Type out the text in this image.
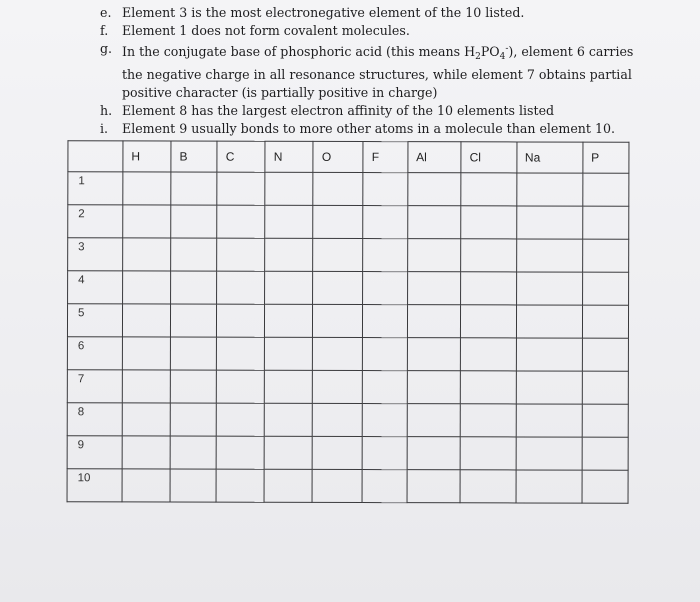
e. Element 3 is the most electronegative element of the 10 listed.
f.	Element 1 does not form covalent molecules.
g. In the conjugate base of phosphoric acid (this means $H_2PO_4^-$), element 6 carries the negative charge in all resonance structures, while element 7 obtains partial positive character (is partially positive in charge)
h. Element 8 has the largest electron affinity of the 10 elements listed
i.	Element 9 usually bonds to more other atoms in a molecule than element 10.
	H	B	C	N	O	F	Al	Cl	Na	P
1										
2										
3										
4										
5										
6										
7										
8										
9										
10										
